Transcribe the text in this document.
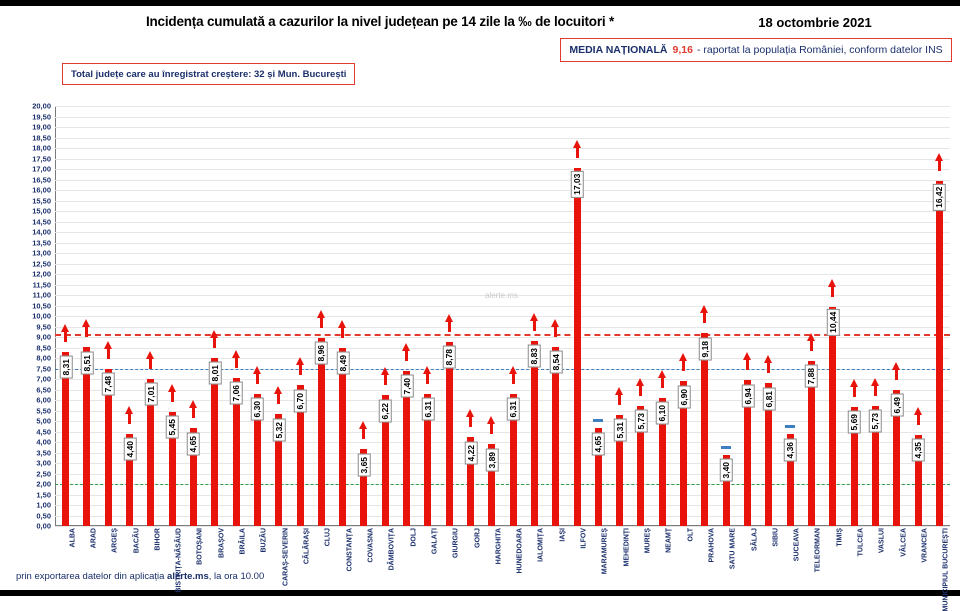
Incidența cumulată a cazurilor la nivel județean pe 14 zile la ‰ de locuitori *	18 octombrie 2021
MEDIA NAȚIONALĂ 9,16 - raportat la populația României, conform datelor INS
Total județe care au înregistrat creștere: 32 și Mun. București
0,00
0,50
1,00
1,50
2,00
2,50
3,00
3,50
4,00
4,50
5,00
5,50
6,00
6,50
7,00
7,50
8,00
8,50
9,00
9,50
10,00
10,50
11,00
11,50
12,00
12,50
13,00
13,50
14,00
14,50
15,00
15,50
16,00
16,50
17,00
17,50
18,00
18,50
19,00
19,50
20,00
8,31 8,51
7,48
4,40
7,01
5,45
4,65
8,01
7,06
6,30
5,32
6,70
8,96
8,49
3,65
6,22
7,40
6,31
8,78
4,22 3,89
6,31
8,83 8,54
17,03
4,65
5,31
5,73 6,10
6,90
9,18
3,40
6,94 6,81
4,36
7,88
10,44
5,69 5,73
6,49
4,35
16,42
ALBA ARAD ARGEȘ BACĂU BIHOR BISTRIȚA-NĂSĂUD BOTOȘANI BRAȘOV BRĂILA BUZĂU CARAȘ-SEVERIN CĂLĂRAȘI CLUJ CONSTANȚA COVASNA DÂMBOVIȚA DOLJ GALAȚI GIURGIU GORJ HARGHITA HUNEDOARA IALOMIȚA IAȘI ILFOV MARAMUREȘ MEHEDINȚI MUREȘ NEAMȚ OLT PRAHOVA SATU MARE SĂLAJ SIBIU SUCEAVA TELEORMAN TIMIȘ TULCEA VASLUI VÂLCEA VRANCEA MUNICIPIUL BUCUREȘTI
alerte.ms
prin exportarea datelor din aplicația alerte.ms, la ora 10.00
